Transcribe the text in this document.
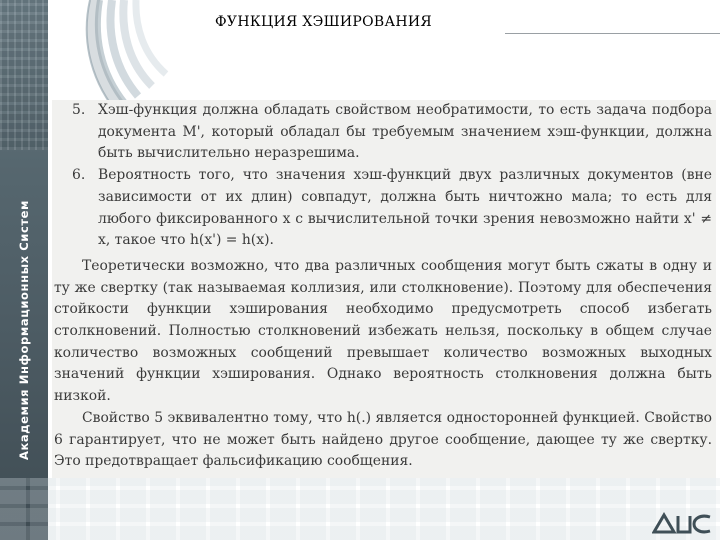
Академия Информационных Систем
ФУНКЦИЯ ХЭШИРОВАНИЯ
5. Хэш-функция должна обладать свойством необратимости, то есть задача подбора документа М', который обладал бы требуемым значением хэш-функции, должна быть вычислительно неразрешима.
6. Вероятность того, что значения хэш-функций двух различных документов (вне зависимости от их длин) совпадут, должна быть ничтожно мала; то есть для любого фиксированного х с вычислительной точки зрения невозможно найти х' ≠ х, такое что h(x') = h(x).
Теоретически возможно, что два различных сообщения могут быть сжаты в одну и ту же свертку (так называемая коллизия, или столкновение). Поэтому для обеспечения стойкости функции хэширования необходимо предусмотреть способ избегать столкновений. Полностью столкновений избежать нельзя, поскольку в общем случае количество возможных сообщений превышает количество возможных выходных значений функции хэширования. Однако вероятность столкновения должна быть низкой.
Свойство 5 эквивалентно тому, что h(.) является односторонней функцией. Свойство 6 гарантирует, что не может быть найдено другое сообщение, дающее ту же свертку. Это предотвращает фальсификацию сообщения.
